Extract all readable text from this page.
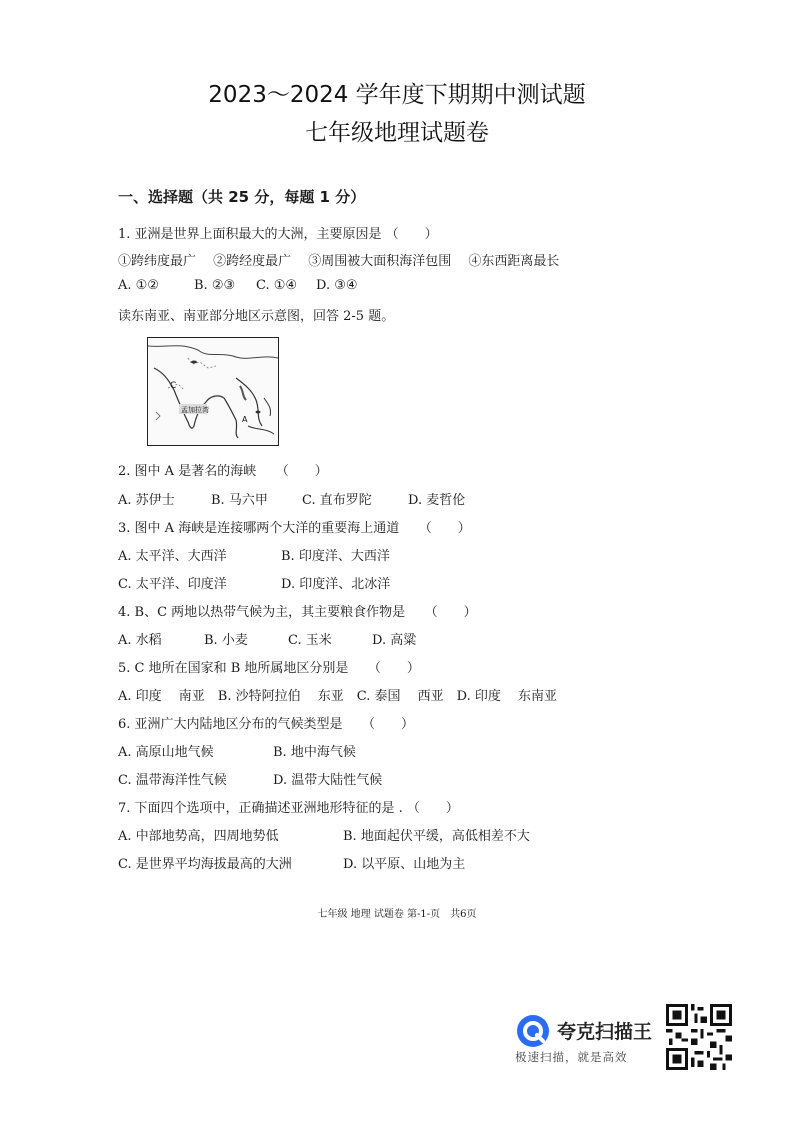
2023～2024 学年度下期期中测试题
七年级地理试题卷
一、选择题（共 25 分，每题 1 分）
1. 亚洲是世界上面积最大的大洲，主要原因是 （　　）
①跨纬度最广　 ②跨经度最广　 ③周围被大面积海洋包围　 ④东西距离最长
A. ①②	B. ②③ C. ①④ D. ③④
读东南亚、南亚部分地区示意图，回答 2-5 题。
C
A
孟加拉湾
2. 图中 A 是著名的海峡　　（　　）
A. 苏伊士	B. 马六甲	C. 直布罗陀	D. 麦哲伦
3. 图中 A 海峡是连接哪两个大洋的重要海上通道　　（　　）
A. 太平洋、大西洋	B. 印度洋、大西洋
C. 太平洋、印度洋	D. 印度洋、北冰洋
4. B、C 两地以热带气候为主，其主要粮食作物是　　（　　）
A. 水稻	B. 小麦	C. 玉米	D. 高粱
5. C 地所在国家和 B 地所属地区分别是　　（　　）
A. 印度　 南亚　B. 沙特阿拉伯　 东亚　C. 泰国　 西亚　D. 印度　 东南亚
6. 亚洲广大内陆地区分布的气候类型是　　（　　）
A. 高原山地气候	B. 地中海气候
C. 温带海洋性气候	D. 温带大陆性气候
7. 下面四个选项中，正确描述亚洲地形特征的是 . （　　）
A. 中部地势高，四周地势低	B. 地面起伏平缓，高低相差不大
C. 是世界平均海拔最高的大洲	D. 以平原、山地为主
七年级 地理 试题卷 第-1-页　共6页
夸克扫描王
极速扫描，就是高效
